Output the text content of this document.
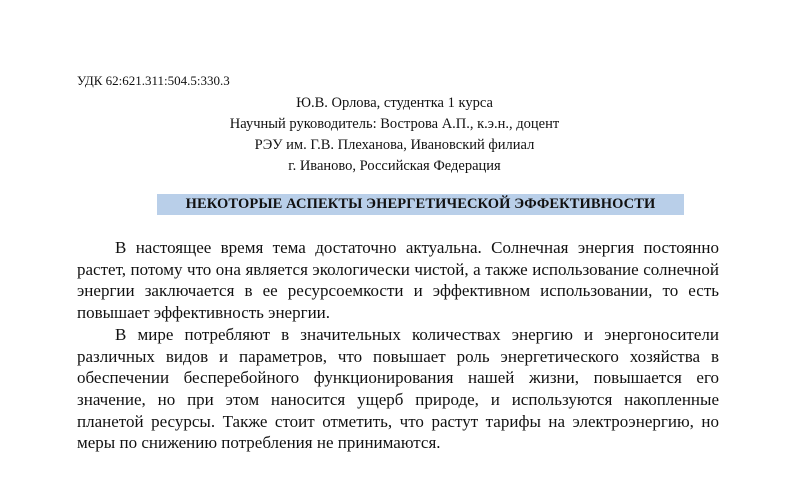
УДК 62:621.311:504.5:330.3
Ю.В. Орлова, студентка 1 курса
Научный руководитель: Вострова А.П., к.э.н., доцент
РЭУ им. Г.В. Плеханова, Ивановский филиал
г. Иваново, Российская Федерация
НЕКОТОРЫЕ АСПЕКТЫ ЭНЕРГЕТИЧЕСКОЙ ЭФФЕКТИВНОСТИ

В настоящее время тема достаточно актуальна. Солнечная энергия постоянно растет, потому что она является экологически чистой, а также использование солнечной энергии заключается в ее ресурсоемкости и эффективном использовании, то есть повышает эффективность энергии.

В мире потребляют в значительных количествах энергию и энергоносители различных видов и параметров, что повышает роль энергетического хозяйства в обеспечении бесперебойного функционирования нашей жизни, повышается его значение, но при этом наносится ущерб природе, и используются накопленные планетой ресурсы. Также стоит отметить, что растут тарифы на электроэнергию, но меры по снижению потребления не принимаются.
